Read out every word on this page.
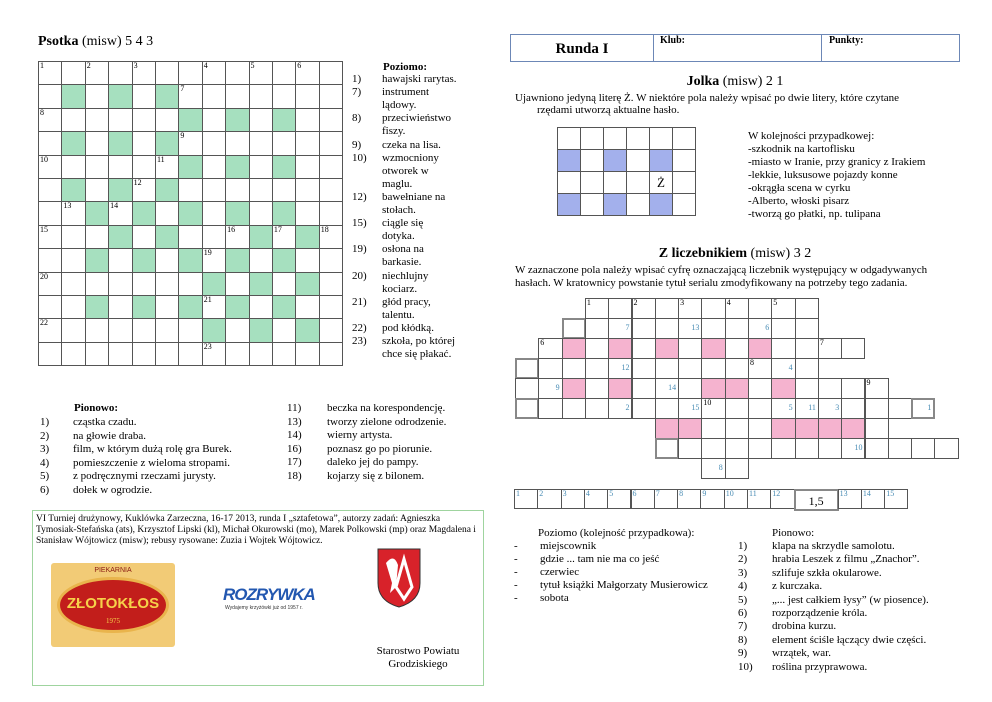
Psotka (misw) 5 4 3
1		2		3			4		5		6	

						7						

8												

						9						

10					11							

				12								

	13		14									

15								16		17		18

							19					

20												

							21					

22												

							23					

Poziomo:
1) hawajski rarytas.
7) instrument
lądowy.
8) przeciwieństwo
fiszy.
9) czeka na lisa.
10) wzmocniony
otworek w
maglu.
12) bawełniane na
stołach.
15) ciągle się
dotyka.
19) osłona na
barkasie.
20) niechlujny
kociarz.
21) głód pracy,
talentu.
22) pod kłódką.
23) szkoła, po której
chce się płakać.
Pionowo:
1) cząstka czadu.
2) na głowie draba.
3) film, w którym dużą rolę gra Burek.
4) pomieszczenie z wieloma stropami.
5) z podręcznymi rzeczami jurysty.
6) dołek w ogrodzie.
11) beczka na korespondencję.
13) tworzy zielone odrodzenie.
14) wierny artysta.
16) poznasz go po piorunie.
17) daleko jej do pampy.
18) kojarzy się z bilonem.
VI Turniej drużynowy, Kuklówka Zarzeczna, 16-17 2013, runda I „sztafetowa”, autorzy zadań: Agnieszka Tymosiak-Stefańska (ats), Krzysztof Lipski (kl), Michał Okurowski (mo), Marek Polkowski (mp) oraz Magdalena i Stanisław Wójtowicz (misw); rebusy rysowane: Zuzia i Wojtek Wójtowicz.
PIEKARNIA
ZŁOTOKŁOS
1975
ROZRYWKA
Wydajemy krzyżówki już od 1957 r.
Starostwo Powiatu
Grodziskiego
Runda I
Klub:	Punkty:
Jolka (misw) 2 1
Ujawniono jedyną literę Ż. W niektóre pola należy wpisać po dwie litery, które czytane
rzędami utworzą aktualne hasło.

				Ż	

W kolejności przypadkowej:
-szkodnik na kartoflisku
-miasto w Iranie, przy granicy z Irakiem
-lekkie, luksusowe pojazdy konne
-okrągła scena w cyrku
-Alberto, włoski pisarz
-tworzą go płatki, np. tulipana
Z liczebnikiem (misw) 3 2
W zaznaczone pola należy wpisać cyfrę oznaczającą liczebnik występujący w odgadywanych
hasłach. W kratownicy powstanie tytuł serialu zmodyfikowany na potrzeby tego zadania.
1	2	3	4	5
7	13	6
6	7
12	8	4
9	14	9
2	15 10	5 11 3	1
10
8
1 2 3 4 5 6 7 8 9 10 11 12
1,5
13 14 15
Poziomo (kolejność przypadkowa):
- miejscownik
- gdzie ... tam nie ma co jeść
- czerwiec
- tytuł książki Małgorzaty Musierowicz
- sobota
Pionowo:
1) klapa na skrzydle samolotu.
2) hrabia Leszek z filmu „Znachor”.
3) szlifuje szkła okularowe.
4) z kurczaka.
5) „... jest całkiem łysy” (w piosence).
6) rozporządzenie króla.
7) drobina kurzu.
8) element ściśle łączący dwie części.
9) wrzątek, war.
10) roślina przyprawowa.
